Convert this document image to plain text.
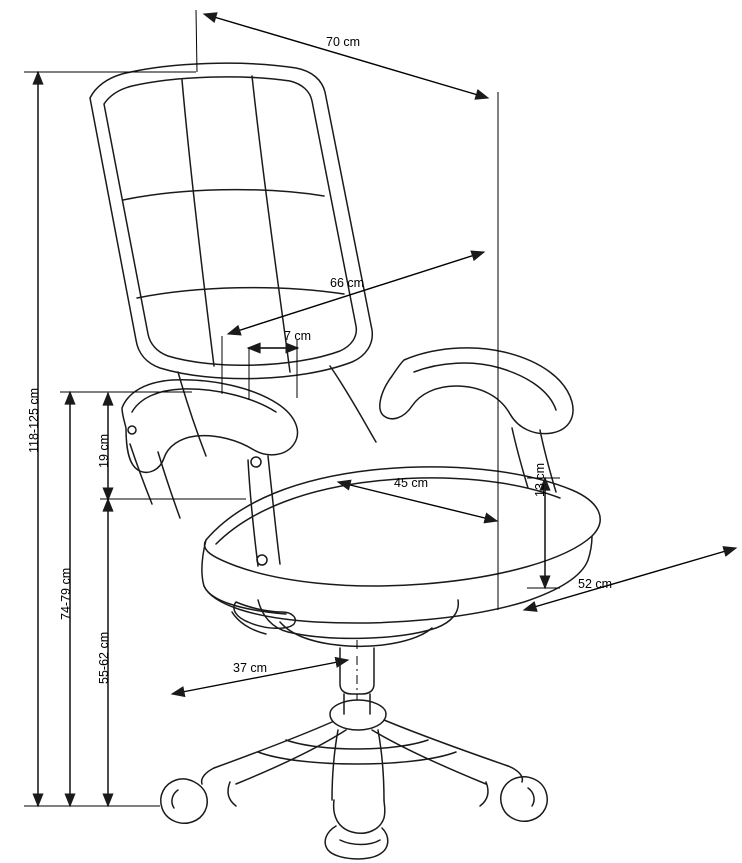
70 cm
66 cm
7 cm
45 cm	13 cm
52 cm
19 cm
118-125 cm
74-79 cm
55-62 cm	37 cm
